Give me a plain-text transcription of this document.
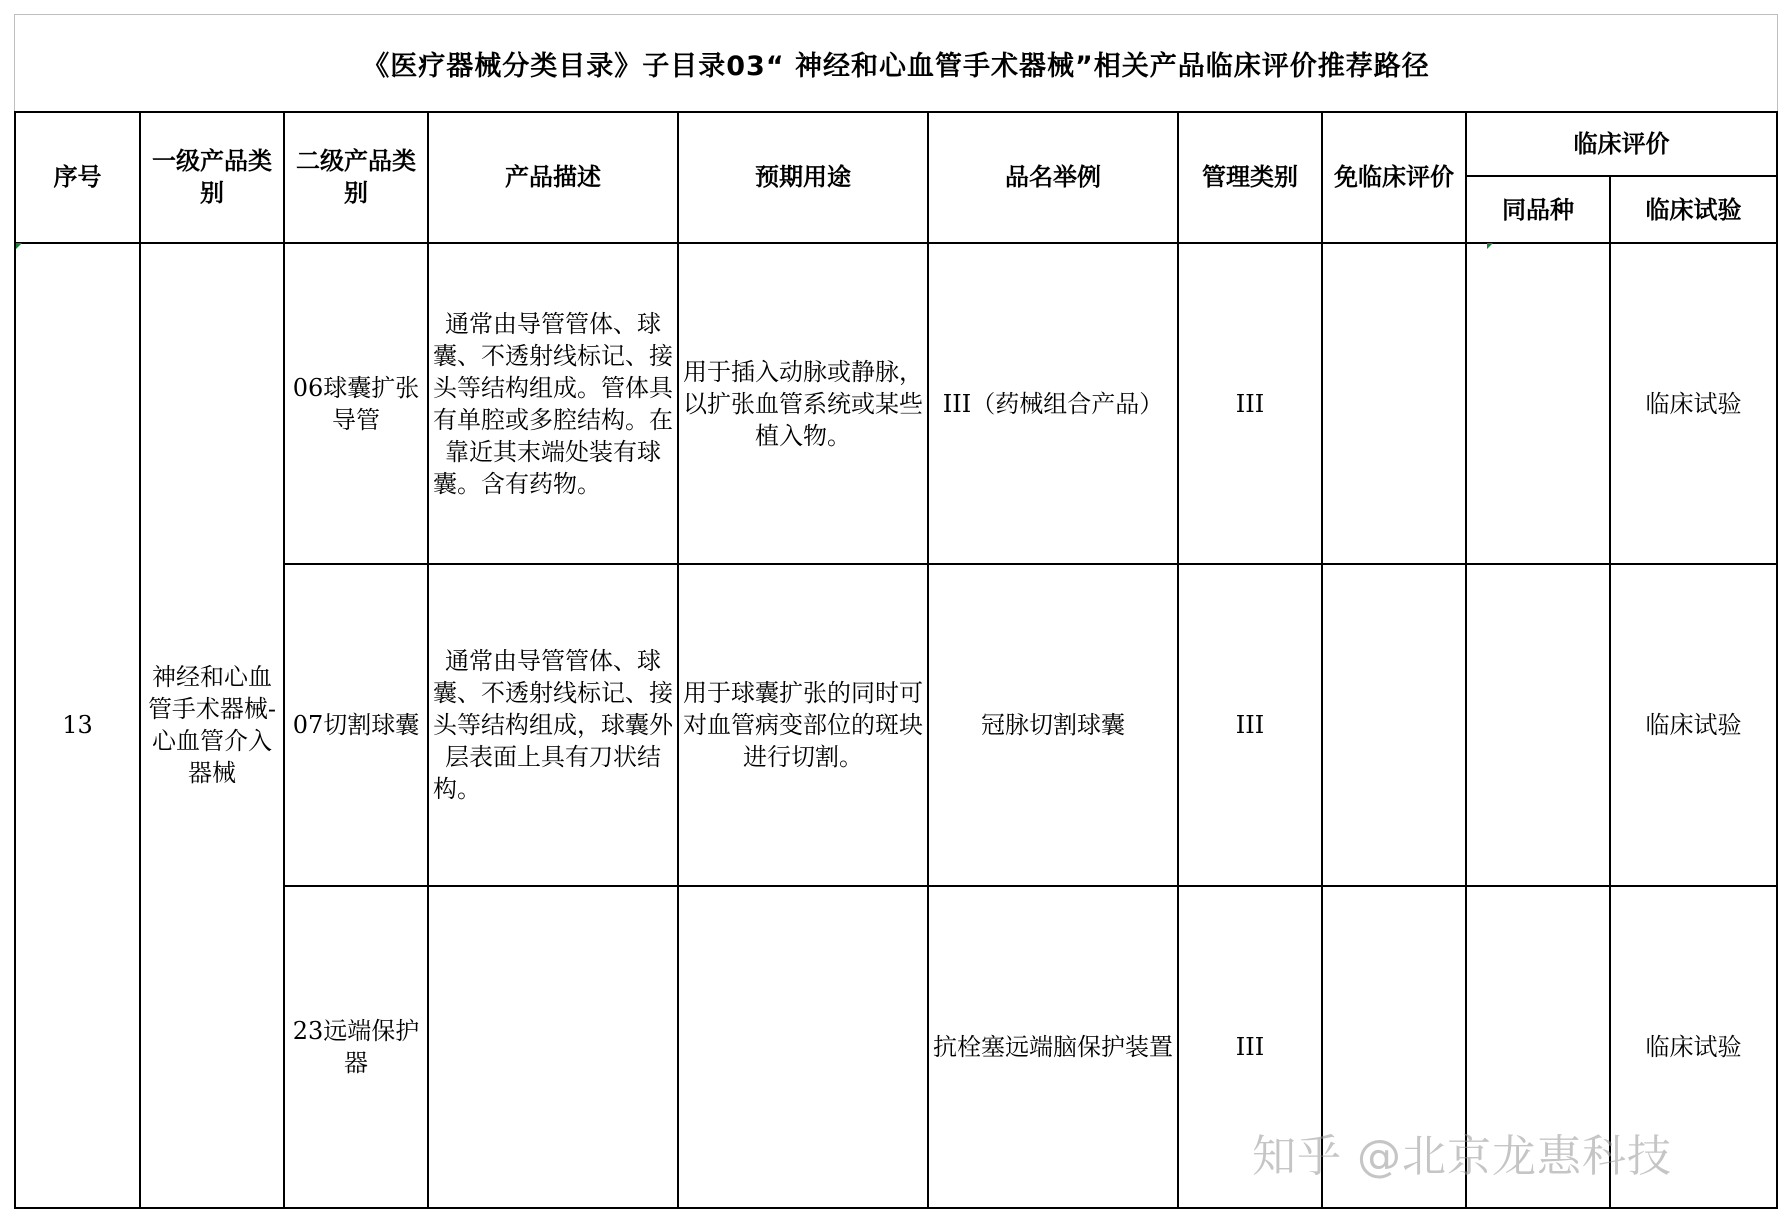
《医疗器械分类目录》子目录03“ 神经和心血管手术器械”相关产品临床评价推荐路径
序号	一级产品类别	二级产品类别	产品描述	预期用途	品名举例	管理类别	免临床评价	临床评价	
								同品种	临床试验
13	神经和心血管手术器械-心血管介入器械	06球囊扩张导管	通常由导管管体、球囊、不透射线标记、接头等结构组成。管体具有单腔或多腔结构。在靠近其末端处装有球囊。含有药物。	用于插入动脉或静脉，以扩张血管系统或某些植入物。	III（药械组合产品）	III			临床试验
		07切割球囊	通常由导管管体、球囊、不透射线标记、接头等结构组成，球囊外层表面上具有刀状结构。	用于球囊扩张的同时可对血管病变部位的斑块进行切割。	冠脉切割球囊	III			临床试验
		23远端保护器			抗栓塞远端脑保护装置	III			临床试验
知乎 @北京龙惠科技
